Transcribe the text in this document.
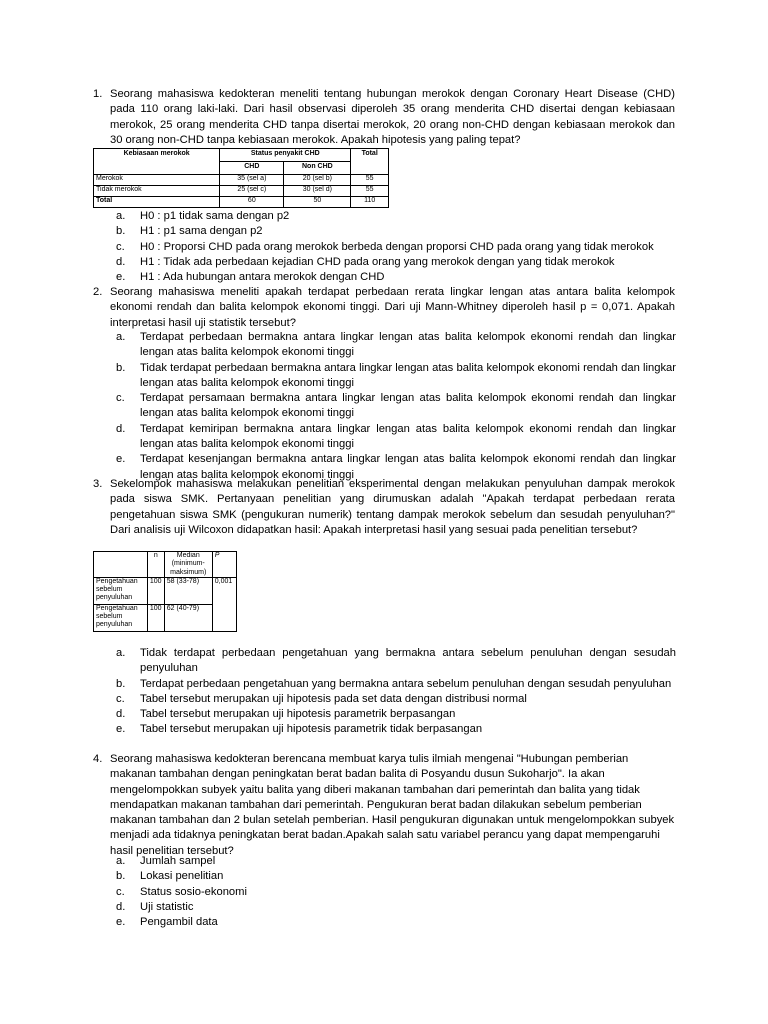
1. Seorang mahasiswa kedokteran meneliti tentang hubungan merokok dengan Coronary Heart Disease (CHD) pada 110 orang laki-laki. Dari hasil observasi diperoleh 35 orang menderita CHD disertai dengan kebiasaan merokok, 25 orang menderita CHD tanpa disertai merokok, 20 orang non-CHD dengan kebiasaan merokok dan 30 orang non-CHD tanpa kebiasaan merokok. Apakah hipotesis yang paling tepat?
Kebiasaan merokok	Status penyakit CHD		Total
	CHD	Non CHD	
Merokok	35 (sel a)	20 (sel b)	55
Tidak merokok	25 (sel c)	30 (sel d)	55
Total	60	50	110
a. H0 : p1 tidak sama dengan p2
b. H1 : p1 sama dengan p2
c. H0 : Proporsi CHD pada orang merokok berbeda dengan proporsi CHD pada orang yang tidak merokok
d. H1 : Tidak ada perbedaan kejadian CHD pada orang yang merokok dengan yang tidak merokok
e. H1 : Ada hubungan antara merokok dengan CHD
2. Seorang mahasiswa meneliti apakah terdapat perbedaan rerata lingkar lengan atas antara balita kelompok ekonomi rendah dan balita kelompok ekonomi tinggi. Dari uji Mann-Whitney diperoleh hasil p = 0,071. Apakah interpretasi hasil uji statistik tersebut?
a. Terdapat perbedaan bermakna antara lingkar lengan atas balita kelompok ekonomi rendah dan lingkar lengan atas balita kelompok ekonomi tinggi
b. Tidak terdapat perbedaan bermakna antara lingkar lengan atas balita kelompok ekonomi rendah dan lingkar lengan atas balita kelompok ekonomi tinggi
c. Terdapat persamaan bermakna antara lingkar lengan atas balita kelompok ekonomi rendah dan lingkar lengan atas balita kelompok ekonomi tinggi
d. Terdapat kemiripan bermakna antara lingkar lengan atas balita kelompok ekonomi rendah dan lingkar lengan atas balita kelompok ekonomi tinggi
e. Terdapat kesenjangan bermakna antara lingkar lengan atas balita kelompok ekonomi rendah dan lingkar lengan atas balita kelompok ekonomi tinggi
3. Sekelompok mahasiswa melakukan penelitian eksperimental dengan melakukan penyuluhan dampak merokok pada siswa SMK. Pertanyaan penelitian yang dirumuskan adalah "Apakah terdapat perbedaan rerata pengetahuan siswa SMK (pengukuran numerik) tentang dampak merokok sebelum dan sesudah penyuluhan?" Dari analisis uji Wilcoxon didapatkan hasil: Apakah interpretasi hasil yang sesuai pada penelitian tersebut?
	n	Median (minimum-maksimum)	P
Pengetahuan sebelum penyuluhan	100	58 (33-78)	0,001
Pengetahuan sebelum penyuluhan	100	62 (40-79)	
a. Tidak terdapat perbedaan pengetahuan yang bermakna antara sebelum penuluhan dengan sesudah penyuluhan
b. Terdapat perbedaan pengetahuan yang bermakna antara sebelum penuluhan dengan sesudah penyuluhan
c. Tabel tersebut merupakan uji hipotesis pada set data dengan distribusi normal
d. Tabel tersebut merupakan uji hipotesis parametrik berpasangan
e. Tabel tersebut merupakan uji hipotesis parametrik tidak berpasangan
4. Seorang mahasiswa kedokteran berencana membuat karya tulis ilmiah mengenai "Hubungan pemberian makanan tambahan dengan peningkatan berat badan balita di Posyandu dusun Sukoharjo". Ia akan mengelompokkan subyek yaitu balita yang diberi makanan tambahan dari pemerintah dan balita yang tidak mendapatkan makanan tambahan dari pemerintah. Pengukuran berat badan dilakukan sebelum pemberian makanan tambahan dan 2 bulan setelah pemberian. Hasil pengukuran digunakan untuk mengelompokkan subyek menjadi ada tidaknya peningkatan berat badan.Apakah salah satu variabel perancu yang dapat mempengaruhi hasil penelitian tersebut?
a. Jumlah sampel
b. Lokasi penelitian
c. Status sosio-ekonomi
d. Uji statistic
e. Pengambil data
